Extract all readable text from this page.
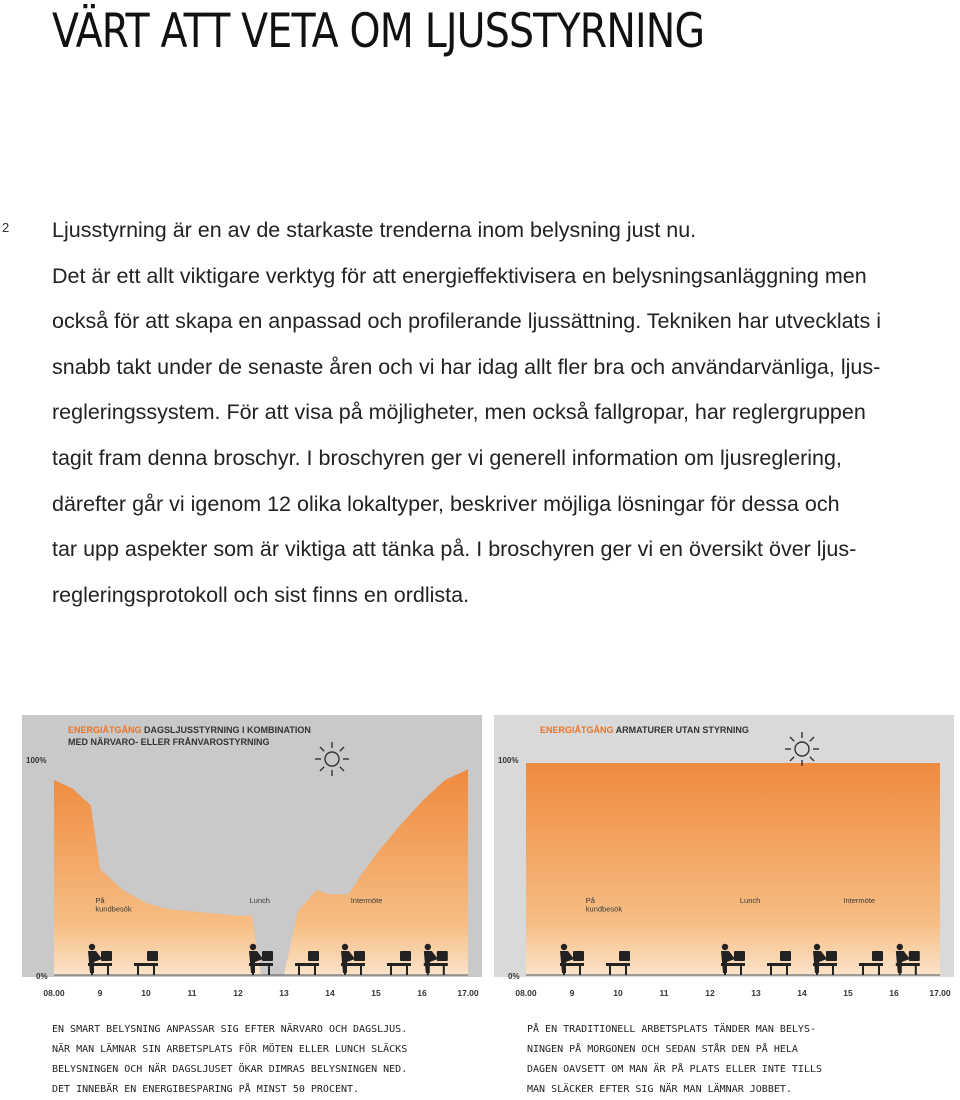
VÄRT ATT VETA OM LJUSSTYRNING
2 Ljusstyrning är en av de starkaste trenderna inom belysning just nu.
Det är ett allt viktigare verktyg för att energieffektivisera en belysningsanläggning men
också för att skapa en anpassad och profilerande ljussättning. Tekniken har utvecklats i
snabb takt under de senaste åren och vi har idag allt fler bra och användarvänliga, ljus-
regleringssystem. För att visa på möjligheter, men också fallgropar, har reglergruppen
tagit fram denna broschyr. I broschyren ger vi generell information om ljusreglering,
därefter går vi igenom 12 olika lokaltyper, beskriver möjliga lösningar för dessa och
tar upp aspekter som är viktiga att tänka på. I broschyren ger vi en översikt över ljus-
regleringsprotokoll och sist finns en ordlista.

ENERGIÅTGÅNG DAGSLJUSSTYRNING I KOMBINATION
MED NÄRVARO- ELLER FRÅNVAROSTYRNING
100%
0%
08.00	9	10	11	12	13	14	15	16	17.00
På
kundbesök
Lunch	Intermöte
ENERGIÅTGÅNG ARMATURER UTAN STYRNING
100%
0%
08.00	9	10	11	12	13	14	15	16	17.00
På
kundbesök
Lunch	Intermöte
EN SMART BELYSNING ANPASSAR SIG EFTER NÄRVARO OCH DAGSLJUS.
NÄR MAN LÄMNAR SIN ARBETSPLATS FÖR MÖTEN ELLER LUNCH SLÄCKS
BELYSNINGEN OCH NÄR DAGSLJUSET ÖKAR DIMRAS BELYSNINGEN NED.
DET INNEBÄR EN ENERGIBESPARING PÅ MINST 50 PROCENT.
PÅ EN TRADITIONELL ARBETSPLATS TÄNDER MAN BELYS-
NINGEN PÅ MORGONEN OCH SEDAN STÅR DEN PÅ HELA
DAGEN OAVSETT OM MAN ÄR PÅ PLATS ELLER INTE TILLS
MAN SLÄCKER EFTER SIG NÄR MAN LÄMNAR JOBBET.
